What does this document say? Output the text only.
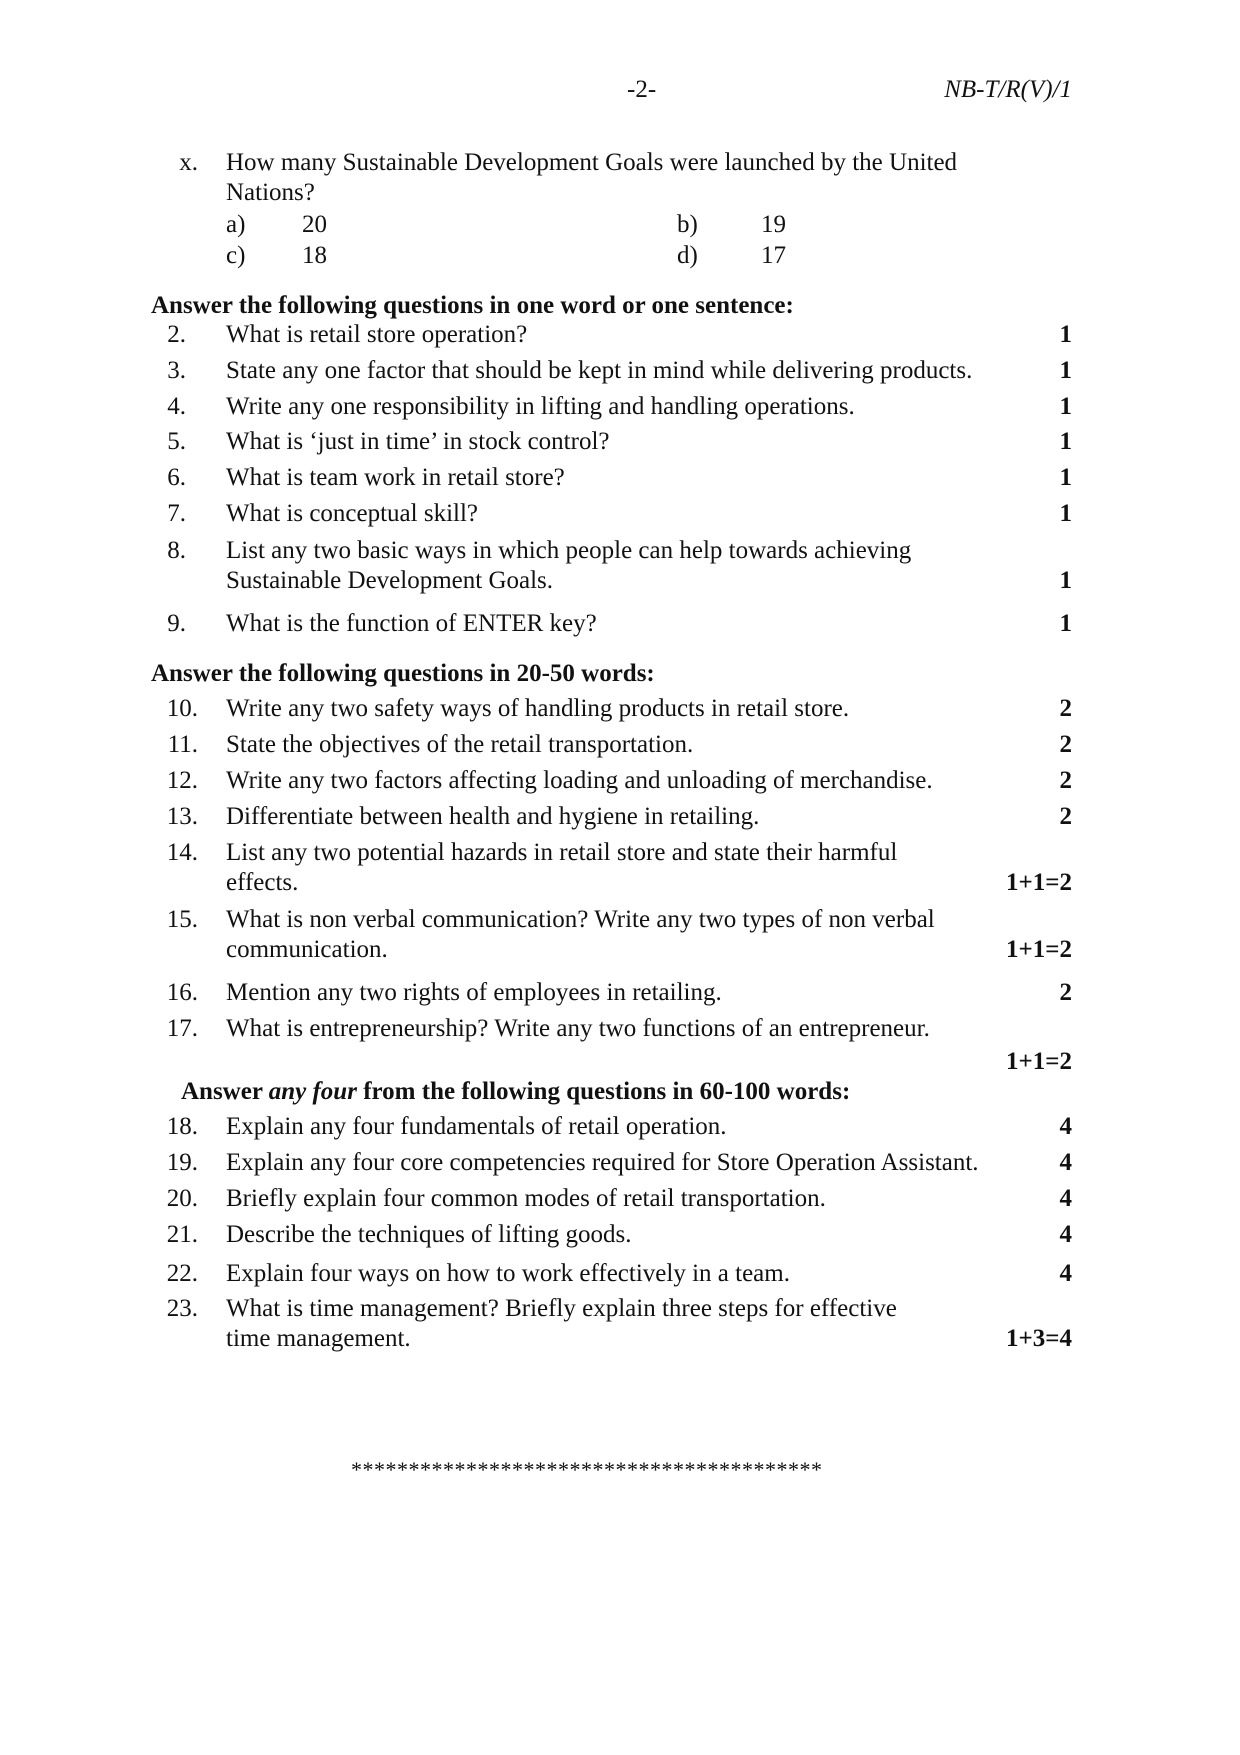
-2-	NB-T/R(V)/1
x. How many Sustainable Development Goals were launched by the United
Nations?
a) 20	b)	19
c) 18	d)	17
Answer the following questions in one word or one sentence:
2. What is retail store operation?	1
3. State any one factor that should be kept in mind while delivering products.	1
4. Write any one responsibility in lifting and handling operations.	1
5. What is ‘just in time’ in stock control?	1
6. What is team work in retail store?	1
7. What is conceptual skill?	1
8. List any two basic ways in which people can help towards achieving
Sustainable Development Goals.	1
9. What is the function of ENTER key?	1
Answer the following questions in 20-50 words:
10. Write any two safety ways of handling products in retail store.	2
11. State the objectives of the retail transportation.	2
12. Write any two factors affecting loading and unloading of merchandise.	2
13. Differentiate between health and hygiene in retailing.	2
14. List any two potential hazards in retail store and state their harmful
effects.	1+1=2
15. What is non verbal communication? Write any two types of non verbal
communication.	1+1=2
16. Mention any two rights of employees in retailing.	2
17. What is entrepreneurship? Write any two functions of an entrepreneur.
1+1=2
Answer any four from the following questions in 60-100 words:
18. Explain any four fundamentals of retail operation.	4
19. Explain any four core competencies required for Store Operation Assistant.	4
20. Briefly explain four common modes of retail transportation.	4
21. Describe the techniques of lifting goods.	4
22. Explain four ways on how to work effectively in a team.	4
23. What is time management? Briefly explain three steps for effective
time management.	1+3=4
*****************************************
